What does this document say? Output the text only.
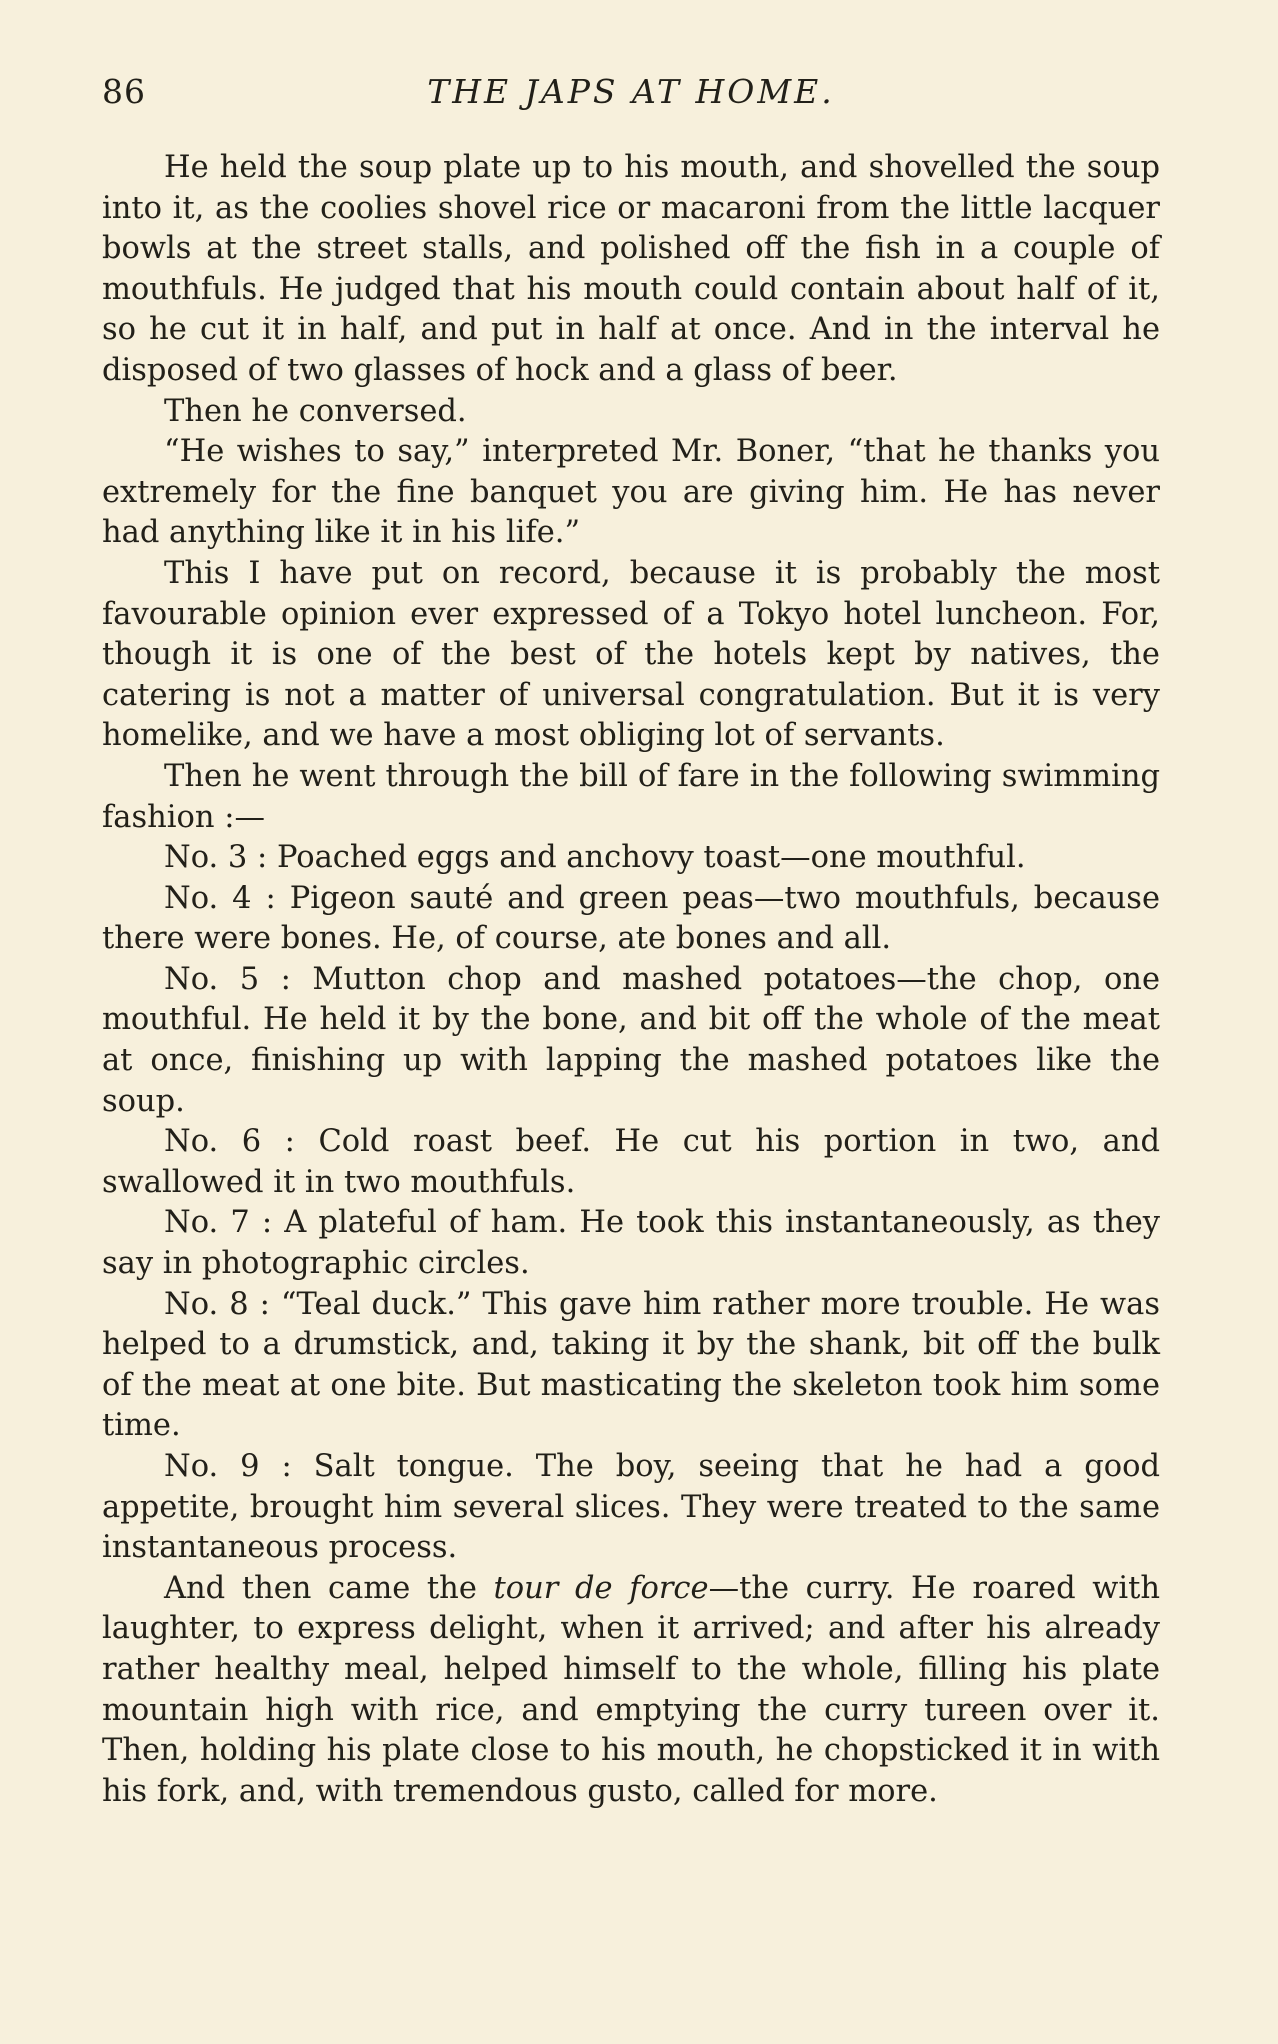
86	THE JAPS AT HOME.

He held the soup plate up to his mouth, and shovelled the soup into it, as the coolies shovel rice or macaroni from the little lacquer bowls at the street stalls, and polished off the fish in a couple of mouthfuls. He judged that his mouth could contain about half of it, so he cut it in half, and put in half at once. And in the interval he disposed of two glasses of hock and a glass of beer.

Then he conversed.

“He wishes to say,” interpreted Mr. Boner, “that he thanks you extremely for the fine banquet you are giving him. He has never had anything like it in his life.”

This I have put on record, because it is probably the most favourable opinion ever expressed of a Tokyo hotel luncheon. For, though it is one of the best of the hotels kept by natives, the catering is not a matter of universal congratulation. But it is very homelike, and we have a most obliging lot of servants.

Then he went through the bill of fare in the following swimming fashion :—

No. 3 : Poached eggs and anchovy toast—one mouthful.

No. 4 : Pigeon sauté and green peas—two mouthfuls, because there were bones. He, of course, ate bones and all.

No. 5 : Mutton chop and mashed potatoes—the chop, one mouthful. He held it by the bone, and bit off the whole of the meat at once, finishing up with lapping the mashed potatoes like the soup.

No. 6 : Cold roast beef. He cut his portion in two, and swallowed it in two mouthfuls.

No. 7 : A plateful of ham. He took this instantaneously, as they say in photographic circles.

No. 8 : “Teal duck.” This gave him rather more trouble. He was helped to a drumstick, and, taking it by the shank, bit off the bulk of the meat at one bite. But masticating the skeleton took him some time.

No. 9 : Salt tongue. The boy, seeing that he had a good appetite, brought him several slices. They were treated to the same instantaneous process.

And then came the tour de force—the curry. He roared with laughter, to express delight, when it arrived; and after his already rather healthy meal, helped himself to the whole, filling his plate mountain high with rice, and emptying the curry tureen over it. Then, holding his plate close to his mouth, he chopsticked it in with his fork, and, with tremendous gusto, called for more.
